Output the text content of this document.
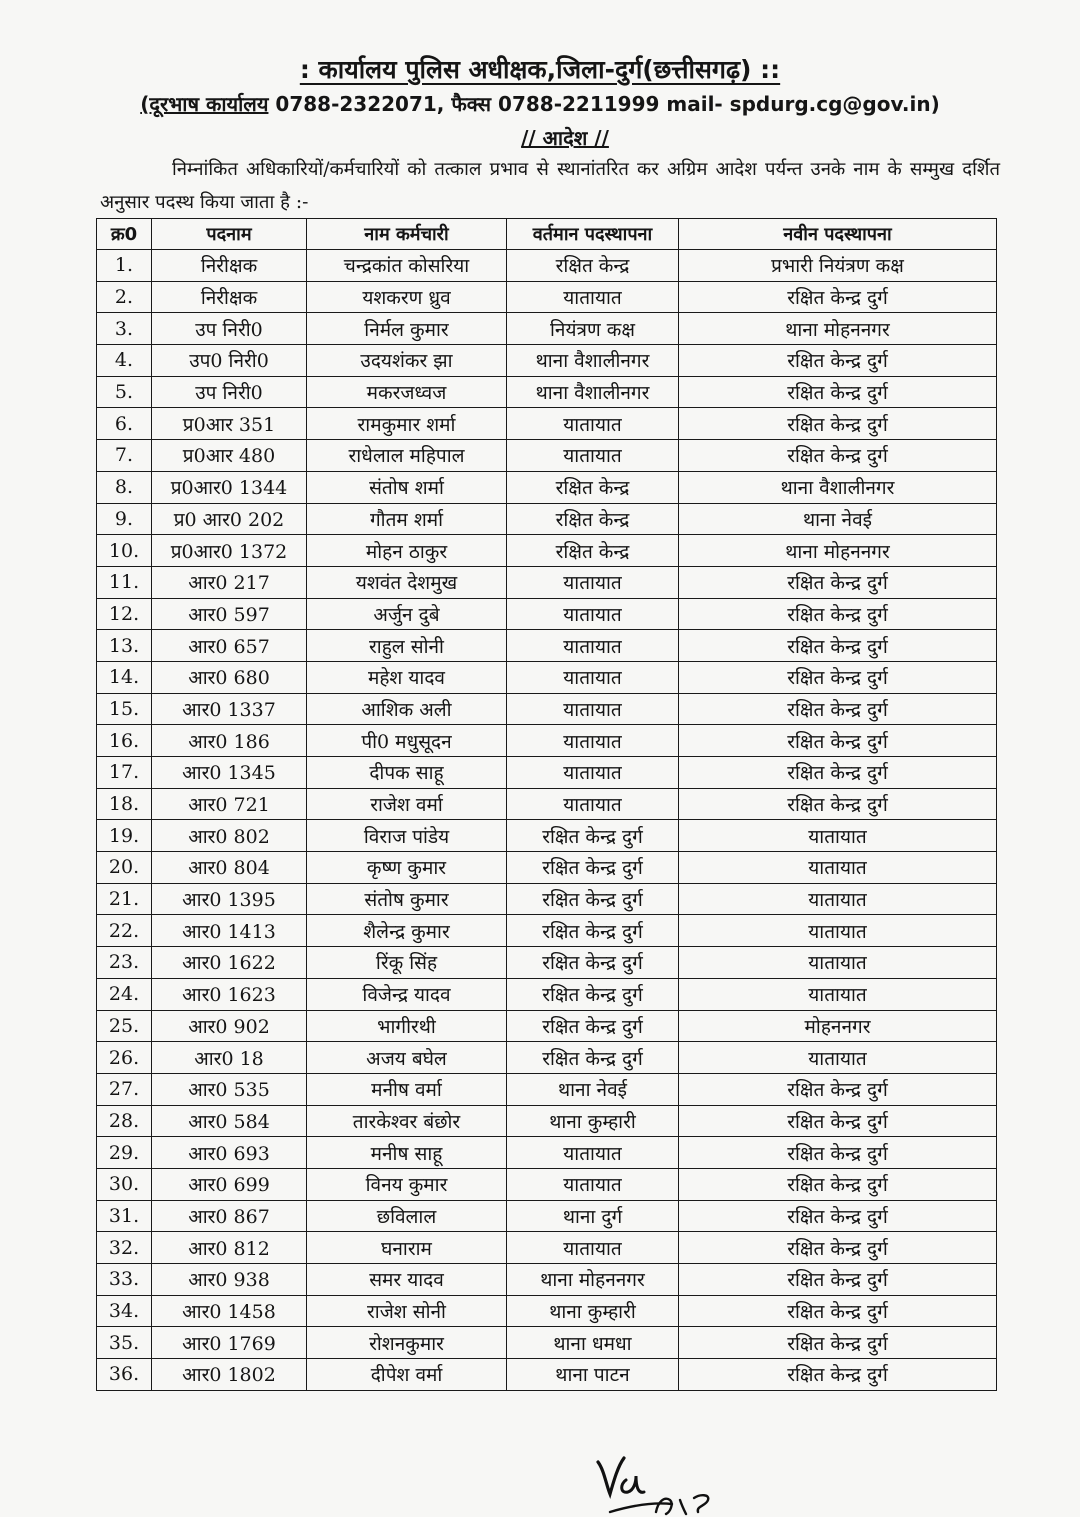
: कार्यालय पुलिस अधीक्षक,जिला-दुर्ग(छत्तीसगढ़) ::
(दूरभाष कार्यालय 0788-2322071, फैक्स 0788-2211999 mail- spdurg.cg@gov.in)
// आदेश //
निम्नांकित अधिकारियों/कर्मचारियों को तत्काल प्रभाव से स्थानांतरित कर अग्रिम आदेश पर्यन्त उनके नाम के सम्मुख दर्शित अनुसार पदस्थ किया जाता है :-
क्र0	पदनाम	नाम कर्मचारी	वर्तमान पदस्थापना	नवीन पदस्थापना
1.	निरीक्षक	चन्द्रकांत कोसरिया	रक्षित केन्द्र	प्रभारी नियंत्रण कक्ष
2.	निरीक्षक	यशकरण ध्रुव	यातायात	रक्षित केन्द्र दुर्ग
3.	उप निरी0	निर्मल कुमार	नियंत्रण कक्ष	थाना मोहननगर
4.	उप0 निरी0	उदयशंकर झा	थाना वैशालीनगर	रक्षित केन्द्र दुर्ग
5.	उप निरी0	मकरजध्वज	थाना वैशालीनगर	रक्षित केन्द्र दुर्ग
6.	प्र0आर 351	रामकुमार शर्मा	यातायात	रक्षित केन्द्र दुर्ग
7.	प्र0आर 480	राधेलाल महिपाल	यातायात	रक्षित केन्द्र दुर्ग
8.	प्र0आर0 1344	संतोष शर्मा	रक्षित केन्द्र	थाना वैशालीनगर
9.	प्र0 आर0 202	गौतम शर्मा	रक्षित केन्द्र	थाना नेवई
10.	प्र0आर0 1372	मोहन ठाकुर	रक्षित केन्द्र	थाना मोहननगर
11.	आर0 217	यशवंत देशमुख	यातायात	रक्षित केन्द्र दुर्ग
12.	आर0 597	अर्जुन दुबे	यातायात	रक्षित केन्द्र दुर्ग
13.	आर0 657	राहुल सोनी	यातायात	रक्षित केन्द्र दुर्ग
14.	आर0 680	महेश यादव	यातायात	रक्षित केन्द्र दुर्ग
15.	आर0 1337	आशिक अली	यातायात	रक्षित केन्द्र दुर्ग
16.	आर0 186	पी0 मधुसूदन	यातायात	रक्षित केन्द्र दुर्ग
17.	आर0 1345	दीपक साहू	यातायात	रक्षित केन्द्र दुर्ग
18.	आर0 721	राजेश वर्मा	यातायात	रक्षित केन्द्र दुर्ग
19.	आर0 802	विराज पांडेय	रक्षित केन्द्र दुर्ग	यातायात
20.	आर0 804	कृष्ण कुमार	रक्षित केन्द्र दुर्ग	यातायात
21.	आर0 1395	संतोष कुमार	रक्षित केन्द्र दुर्ग	यातायात
22.	आर0 1413	शैलेन्द्र कुमार	रक्षित केन्द्र दुर्ग	यातायात
23.	आर0 1622	रिंकू सिंह	रक्षित केन्द्र दुर्ग	यातायात
24.	आर0 1623	विजेन्द्र यादव	रक्षित केन्द्र दुर्ग	यातायात
25.	आर0 902	भागीरथी	रक्षित केन्द्र दुर्ग	मोहननगर
26.	आर0 18	अजय बघेल	रक्षित केन्द्र दुर्ग	यातायात
27.	आर0 535	मनीष वर्मा	थाना नेवई	रक्षित केन्द्र दुर्ग
28.	आर0 584	तारकेश्वर बंछोर	थाना कुम्हारी	रक्षित केन्द्र दुर्ग
29.	आर0 693	मनीष साहू	यातायात	रक्षित केन्द्र दुर्ग
30.	आर0 699	विनय कुमार	यातायात	रक्षित केन्द्र दुर्ग
31.	आर0 867	छविलाल	थाना दुर्ग	रक्षित केन्द्र दुर्ग
32.	आर0 812	घनाराम	यातायात	रक्षित केन्द्र दुर्ग
33.	आर0 938	समर यादव	थाना मोहननगर	रक्षित केन्द्र दुर्ग
34.	आर0 1458	राजेश सोनी	थाना कुम्हारी	रक्षित केन्द्र दुर्ग
35.	आर0 1769	रोशनकुमार	थाना धमधा	रक्षित केन्द्र दुर्ग
36.	आर0 1802	दीपेश वर्मा	थाना पाटन	रक्षित केन्द्र दुर्ग
